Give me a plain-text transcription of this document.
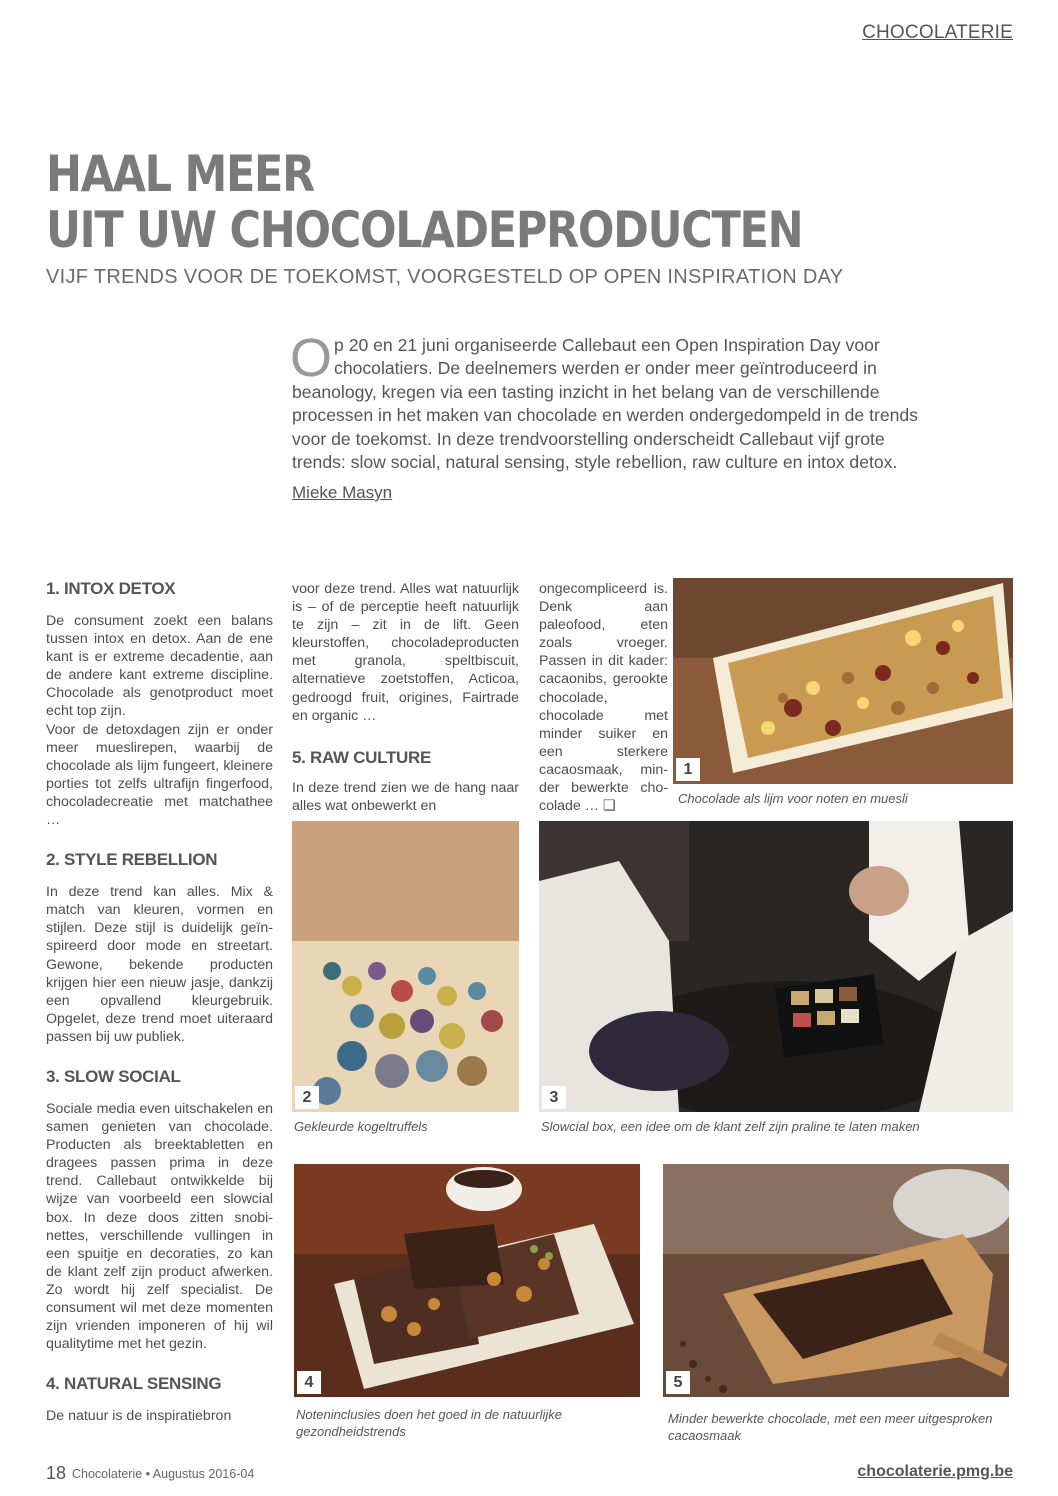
CHOCOLATERIE
HAAL MEER
UIT UW CHOCOLADEPRODUCTEN
VIJF TRENDS VOOR DE TOEKOMST, VOORGESTELD OP OPEN INSPIRATION DAY
Op 20 en 21 juni organiseerde Callebaut een Open Inspiration Day voor chocolatiers. De deelnemers werden er onder meer geïntroduceerd in beanology, kregen via een tasting inzicht in het belang van de verschillende processen in het maken van chocolade en werden ondergedompeld in de trends voor de toekomst. In deze trendvoorstelling onderscheidt Callebaut vijf grote trends: slow social, natural sensing, style rebellion, raw culture en intox detox.
Mieke Masyn
1. INTOX DETOX

De consument zoekt een balans tussen intox en detox. Aan de ene kant is er extreme decadentie, aan de andere kant extreme discipline. Chocolade als genotproduct moet echt top zijn.

Voor de detoxdagen zijn er onder meer mueslirepen, waarbij de chocolade als lijm fungeert, kleinere porties tot zelfs ultrafijn fingerfood, chocoladecreatie met matchathee …

2. STYLE REBELLION

In deze trend kan alles. Mix & match van kleuren, vormen en stijlen. Deze stijl is duidelijk geïnspireerd door mode en streetart. Gewone, bekende producten krijgen hier een nieuw jasje, dankzij een opvallend kleurgebruik. Opgelet, deze trend moet uiteraard passen bij uw publiek.

3. SLOW SOCIAL

Sociale media even uitschakelen en samen genieten van chocolade. Producten als breektabletten en dragees passen prima in deze trend. Callebaut ontwikkelde bij wijze van voorbeeld een slowcial box. In deze doos zitten snobinettes, verschillende vullingen in een spuitje en decoraties, zo kan de klant zelf zijn product afwerken. Zo wordt hij zelf specialist. De consument wil met deze momenten zijn vrienden imponeren of hij wil qualitytime met het gezin.

4. NATURAL SENSING

De natuur is de inspiratiebron

voor deze trend. Alles wat natuurlijk is – of de perceptie heeft natuurlijk te zijn – zit in de lift. Geen kleurstoffen, chocoladeproducten met granola, speltbiscuit, alternatieve zoetstoffen, Acticoa, gedroogd fruit, origines, Fairtrade en organic …

5. RAW CULTURE

In deze trend zien we de hang naar alles wat onbewerkt en

ongecompliceerd is. Denk aan paleofood, eten zoals vroeger. Passen in dit kader: cacaonibs, gerookte chocolade, chocolade met minder suiker en een sterkere cacaosmaak, minder bewerkte chocolade … ❑

1
Chocolade als lijm voor noten en muesli
2
Gekleurde kogeltruffels
3
Slowcial box, een idee om de klant zelf zijn praline te laten maken
4
Noteninclusies doen het goed in de natuurlijke gezondheidstrends
5
Minder bewerkte chocolade, met een meer uitgesproken cacaosmaak
18 Chocolaterie • Augustus 2016-04	chocolaterie.pmg.be
